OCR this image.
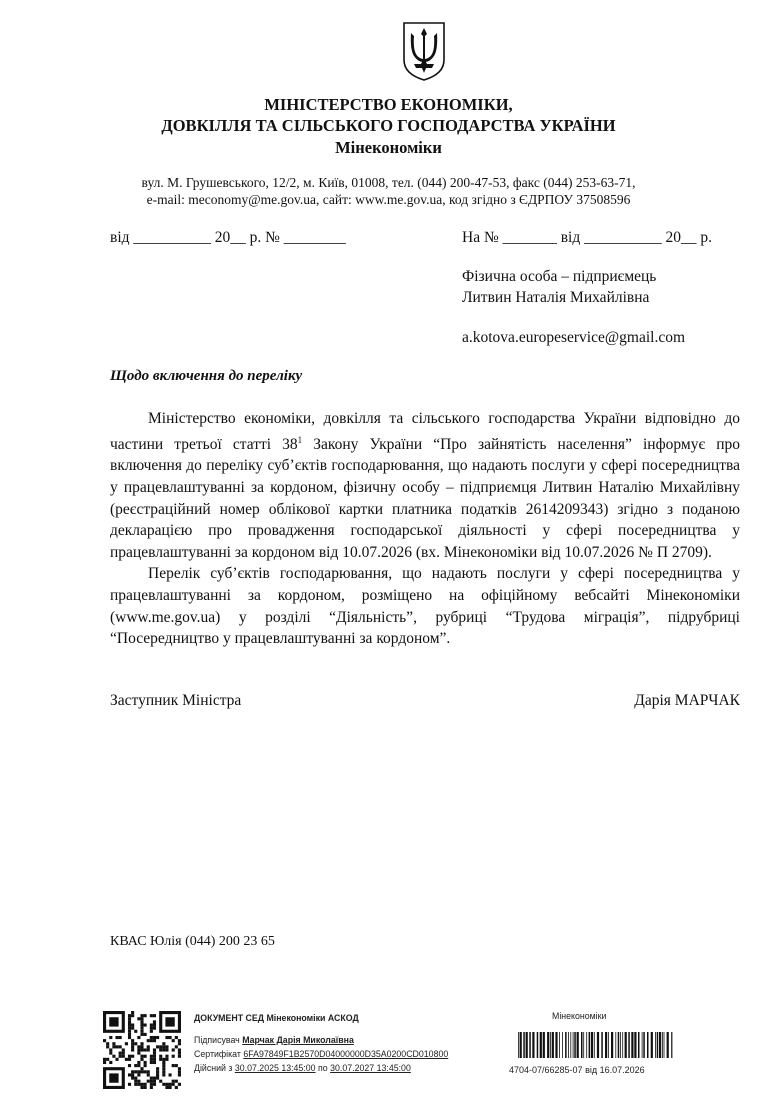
МІНІСТЕРСТВО ЕКОНОМІКИ,
ДОВКІЛЛЯ ТА СІЛЬСЬКОГО ГОСПОДАРСТВА УКРАЇНИ
Мінекономіки
вул. М. Грушевського, 12/2, м. Київ, 01008, тел. (044) 200-47-53, факс (044) 253-63-71,
e-mail: meconomy@me.gov.ua, сайт: www.me.gov.ua, код згідно з ЄДРПОУ 37508596
від __________ 20__ р. № ________	На № _______ від __________ 20__ р.
Фізична особа – підприємець
Литвин Наталія Михайлівна
a.kotova.europeservice@gmail.com
Щодо включення до переліку

Міністерство економіки, довкілля та сільського господарства України відповідно до частини третьої статті $38^1$ Закону України “Про зайнятість населення” інформує про включення до переліку суб’єктів господарювання, що надають послуги у сфері посередництва у працевлаштуванні за кордоном, фізичну особу – підприємця Литвин Наталію Михайлівну (реєстраційний номер облікової картки платника податків 2614209343) згідно з поданою декларацією про провадження господарської діяльності у сфері посередництва у працевлаштуванні за кордоном від 10.07.2026 (вх. Мінекономіки від 10.07.2026 № П 2709).

Перелік суб’єктів господарювання, що надають послуги у сфері посередництва у працевлаштуванні за кордоном, розміщено на офіційному вебсайті Мінекономіки (www.me.gov.ua) у розділі “Діяльність”, рубриці “Трудова міграція”, підрубриці “Посередництво у працевлаштуванні за кордоном”.

Заступник Міністра	Дарія МАРЧАК
КВАС Юлія (044) 200 23 65
ДОКУМЕНТ СЕД Мінекономіки АСКОД
Підписувач Марчак Дарія Миколаївна
Сертифікат 6FA97849F1B2570D04000000D35A0200CD010800
Дійсний з 30.07.2025 13:45:00 по 30.07.2027 13:45:00
Мінекономіки
4704-07/66285-07 від 16.07.2026
